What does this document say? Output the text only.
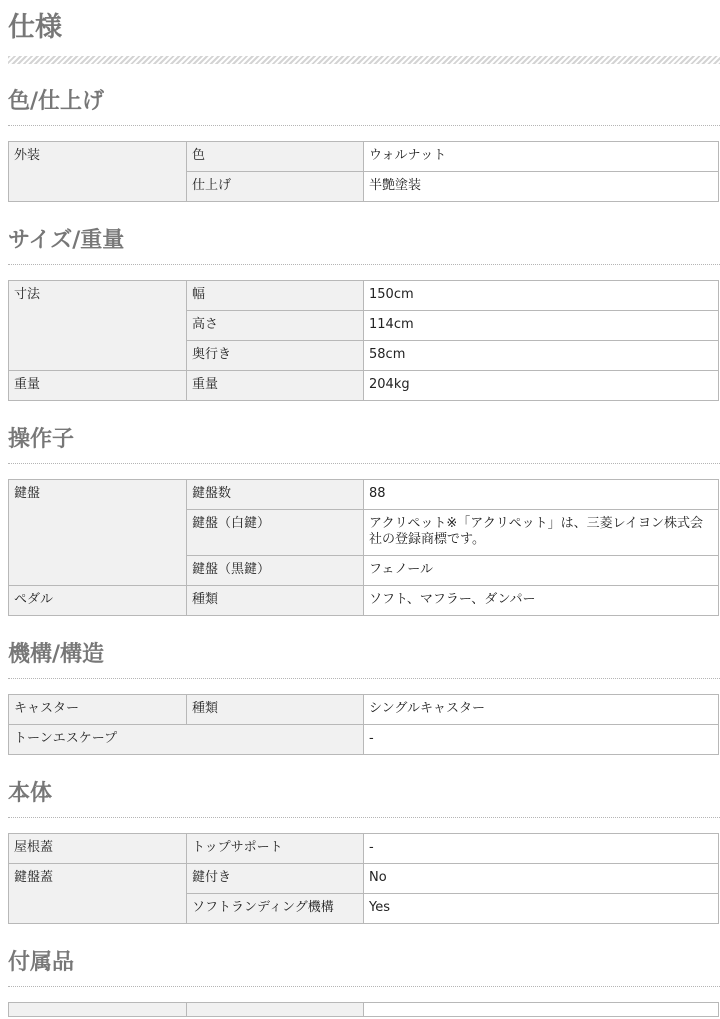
仕様
色/仕上げ
外装	色	ウォルナット
	仕上げ	半艶塗装
サイズ/重量
寸法	幅	150cm
	高さ	114cm
	奥行き	58cm
重量	重量	204kg
操作子
鍵盤	鍵盤数	88
	鍵盤（白鍵）	アクリペット※「アクリペット」は、三菱レイヨン株式会社の登録商標です。
	鍵盤（黒鍵）	フェノール
ペダル	種類	ソフト、マフラー、ダンパー
機構/構造
キャスター	種類	シングルキャスター
トーンエスケープ		-
本体
屋根蓋	トップサポート	-
鍵盤蓋	鍵付き	No
	ソフトランディング機構	Yes
付属品
